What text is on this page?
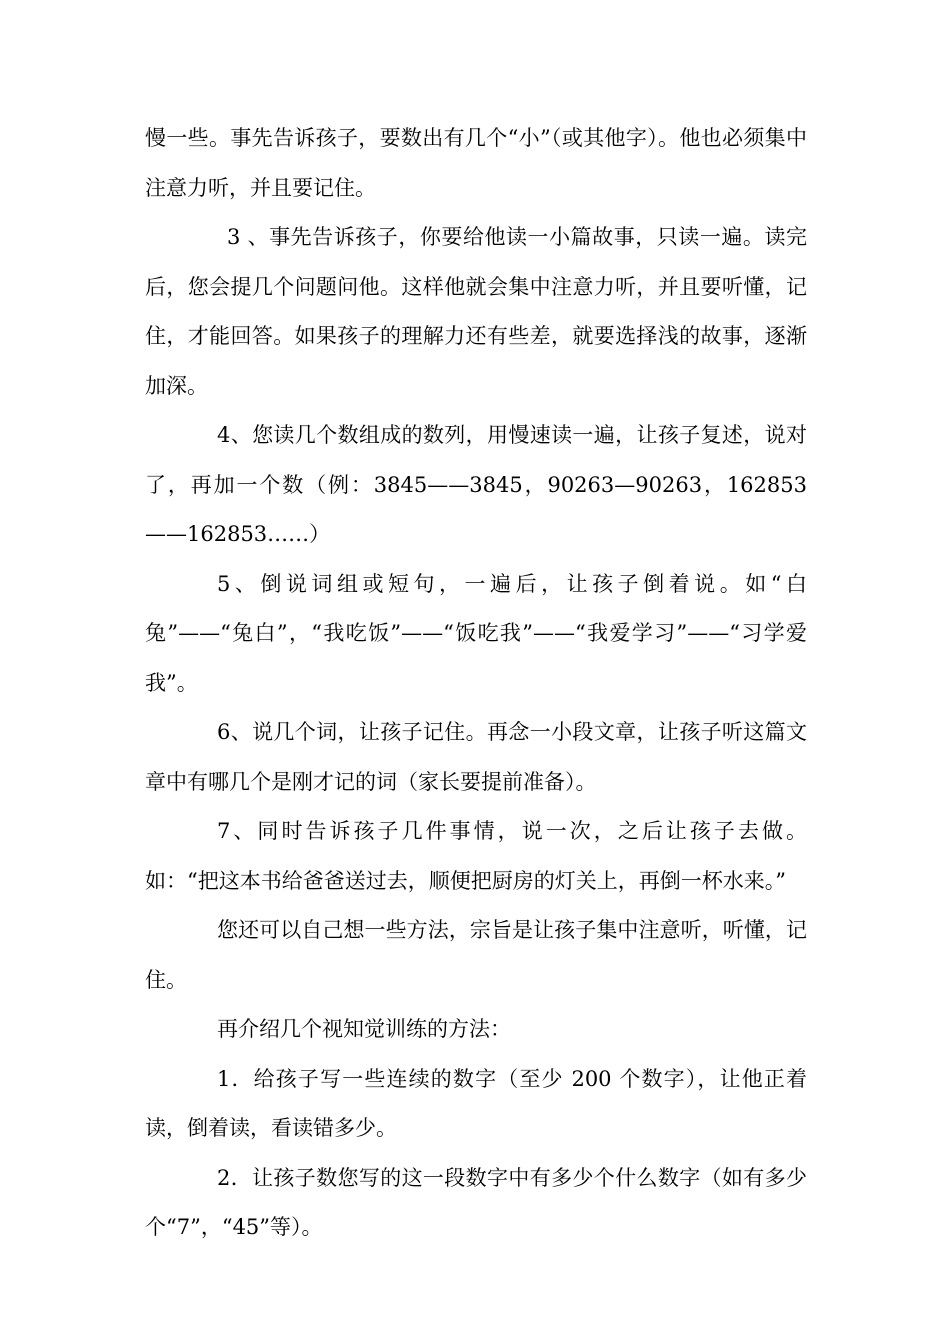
慢一些。事先告诉孩子，要数出有几个“小”（或其他字）。他也必须集中注意力听，并且要记住。

3 、事先告诉孩子，你要给他读一小篇故事，只读一遍。读完后，您会提几个问题问他。这样他就会集中注意力听，并且要听懂，记住，才能回答。如果孩子的理解力还有些差，就要选择浅的故事，逐渐加深。

4、您读几个数组成的数列，用慢速读一遍，让孩子复述，说对了，再加一个数（例：3845——3845，90263—90263，162853——162853……）

5、倒说词组或短句，一遍后，让孩子倒着说。如“白兔”——“兔白”，“我吃饭”——“饭吃我”——“我爱学习”——“习学爱我”。

6、说几个词，让孩子记住。再念一小段文章，让孩子听这篇文章中有哪几个是刚才记的词（家长要提前准备）。

7、同时告诉孩子几件事情，说一次，之后让孩子去做。如：“把这本书给爸爸送过去，顺便把厨房的灯关上，再倒一杯水来。”

您还可以自己想一些方法，宗旨是让孩子集中注意听，听懂，记住。

再介绍几个视知觉训练的方法：

1．给孩子写一些连续的数字（至少 200 个数字），让他正着读，倒着读，看读错多少。

2．让孩子数您写的这一段数字中有多少个什么数字（如有多少个“7”，“45”等）。
